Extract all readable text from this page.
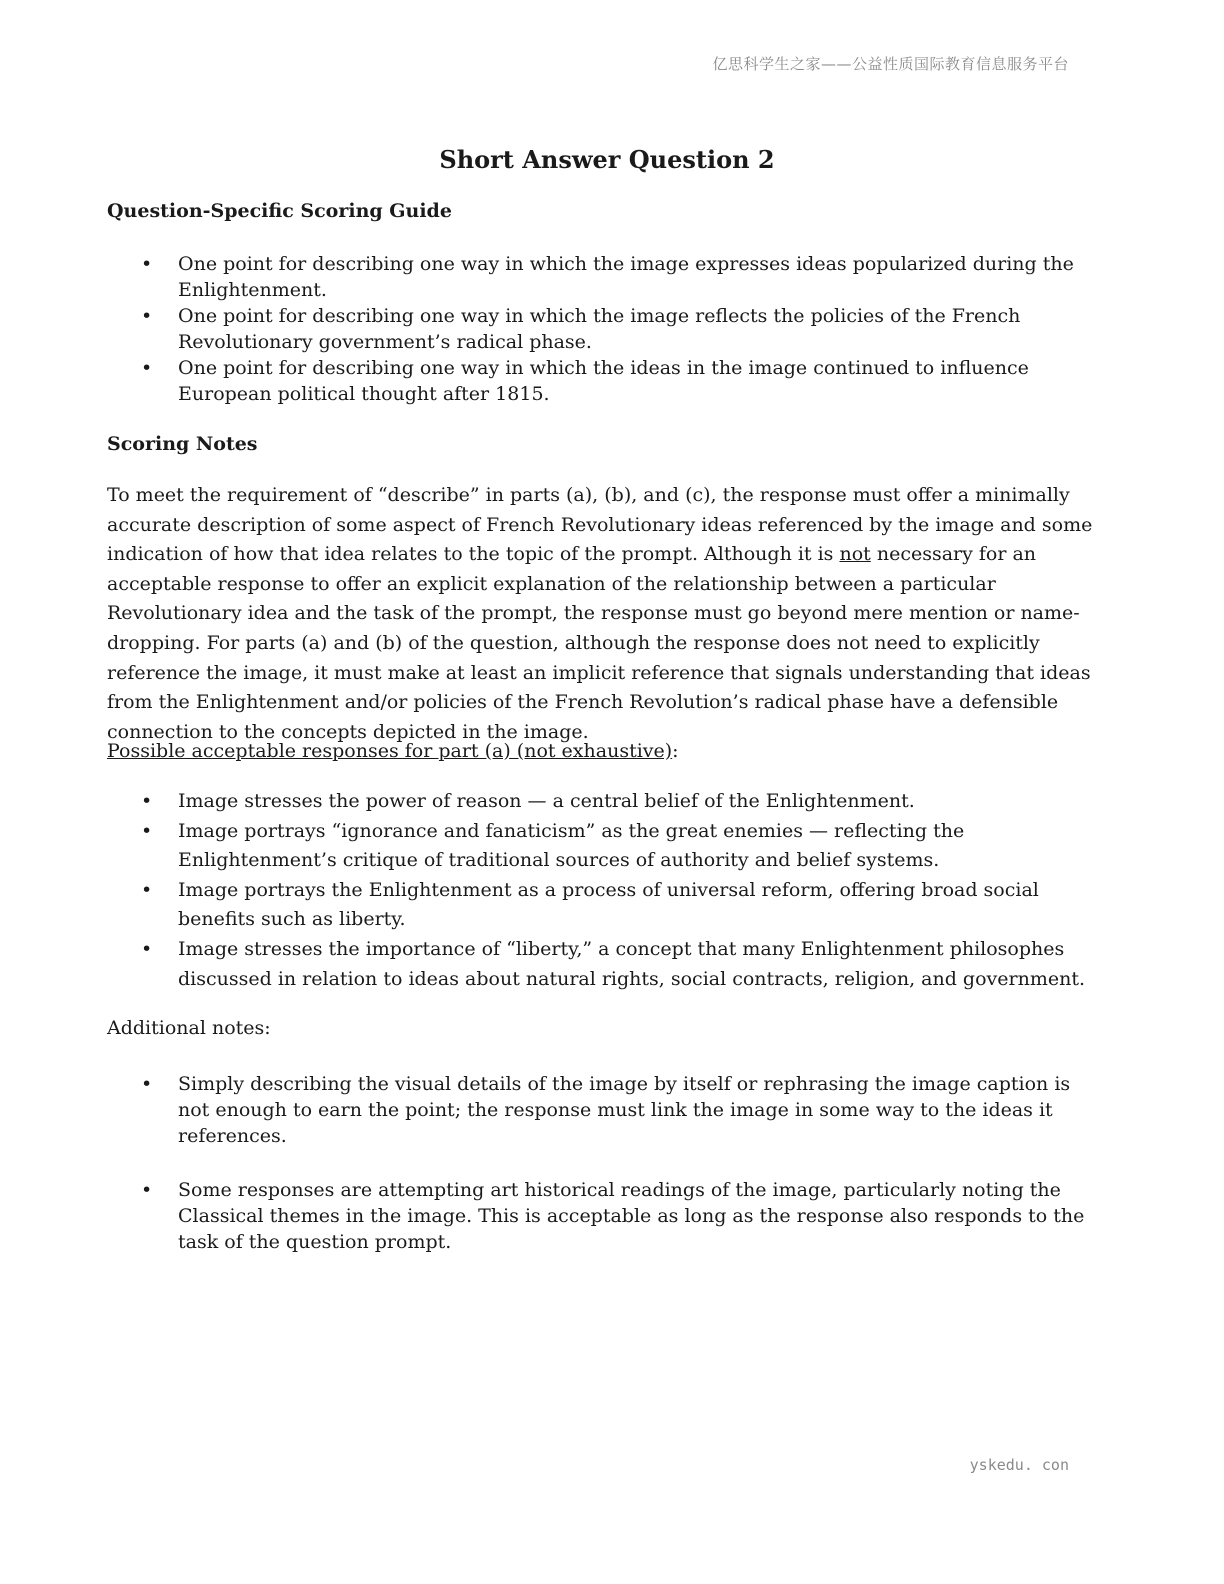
亿思科学生之家——公益性质国际教育信息服务平台
Short Answer Question 2
Question-Specific Scoring Guide
• One point for describing one way in which the image expresses ideas popularized during the Enlightenment.
• One point for describing one way in which the image reflects the policies of the French Revolutionary government’s radical phase.
• One point for describing one way in which the ideas in the image continued to influence European political thought after 1815.
Scoring Notes

To meet the requirement of “describe” in parts (a), (b), and (c), the response must offer a minimally accurate description of some aspect of French Revolutionary ideas referenced by the image and some indication of how that idea relates to the topic of the prompt. Although it is not necessary for an acceptable response to offer an explicit explanation of the relationship between a particular Revolutionary idea and the task of the prompt, the response must go beyond mere mention or name-dropping. For parts (a) and (b) of the question, although the response does not need to explicitly reference the image, it must make at least an implicit reference that signals understanding that ideas from the Enlightenment and/or policies of the French Revolution’s radical phase have a defensible connection to the concepts depicted in the image.

Possible acceptable responses for part (a) (not exhaustive):

• Image stresses the power of reason — a central belief of the Enlightenment.
• Image portrays “ignorance and fanaticism” as the great enemies — reflecting the Enlightenment’s critique of traditional sources of authority and belief systems.
• Image portrays the Enlightenment as a process of universal reform, offering broad social benefits such as liberty.
• Image stresses the importance of “liberty,” a concept that many Enlightenment philosophes discussed in relation to ideas about natural rights, social contracts, religion, and government.

Additional notes:

• Simply describing the visual details of the image by itself or rephrasing the image caption is not enough to earn the point; the response must link the image in some way to the ideas it references.
• Some responses are attempting art historical readings of the image, particularly noting the Classical themes in the image. This is acceptable as long as the response also responds to the task of the question prompt.
yskedu. con
